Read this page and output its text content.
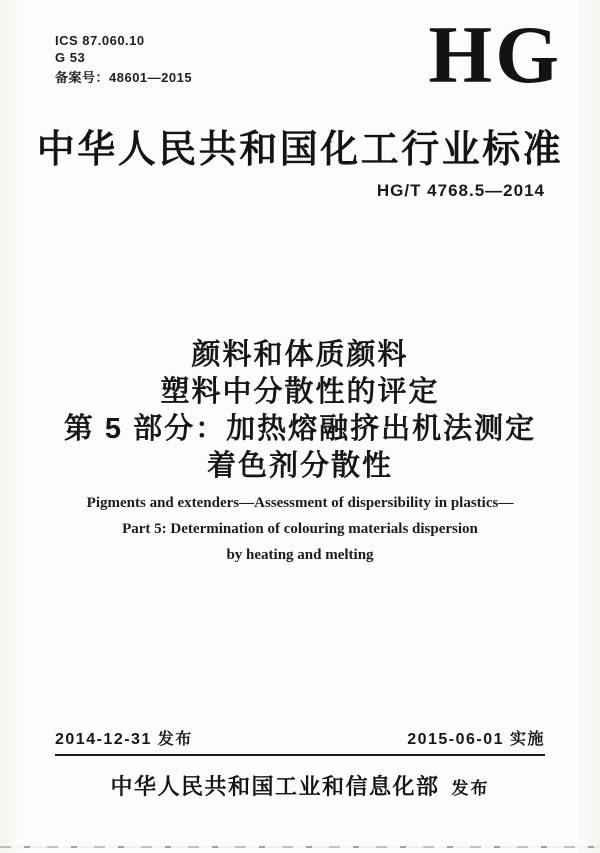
ICS 87.060.10
G 53
备案号：48601—2015	HG
中华人民共和国化工行业标准
HG/T 4768.5—2014
颜料和体质颜料
塑料中分散性的评定
第 5 部分：加热熔融挤出机法测定
着色剂分散性
Pigments and extenders—Assessment of dispersibility in plastics—
Part 5: Determination of colouring materials dispersion
by heating and melting
2014-12-31 发布	2015-06-01 实施
中华人民共和国工业和信息化部 发布
